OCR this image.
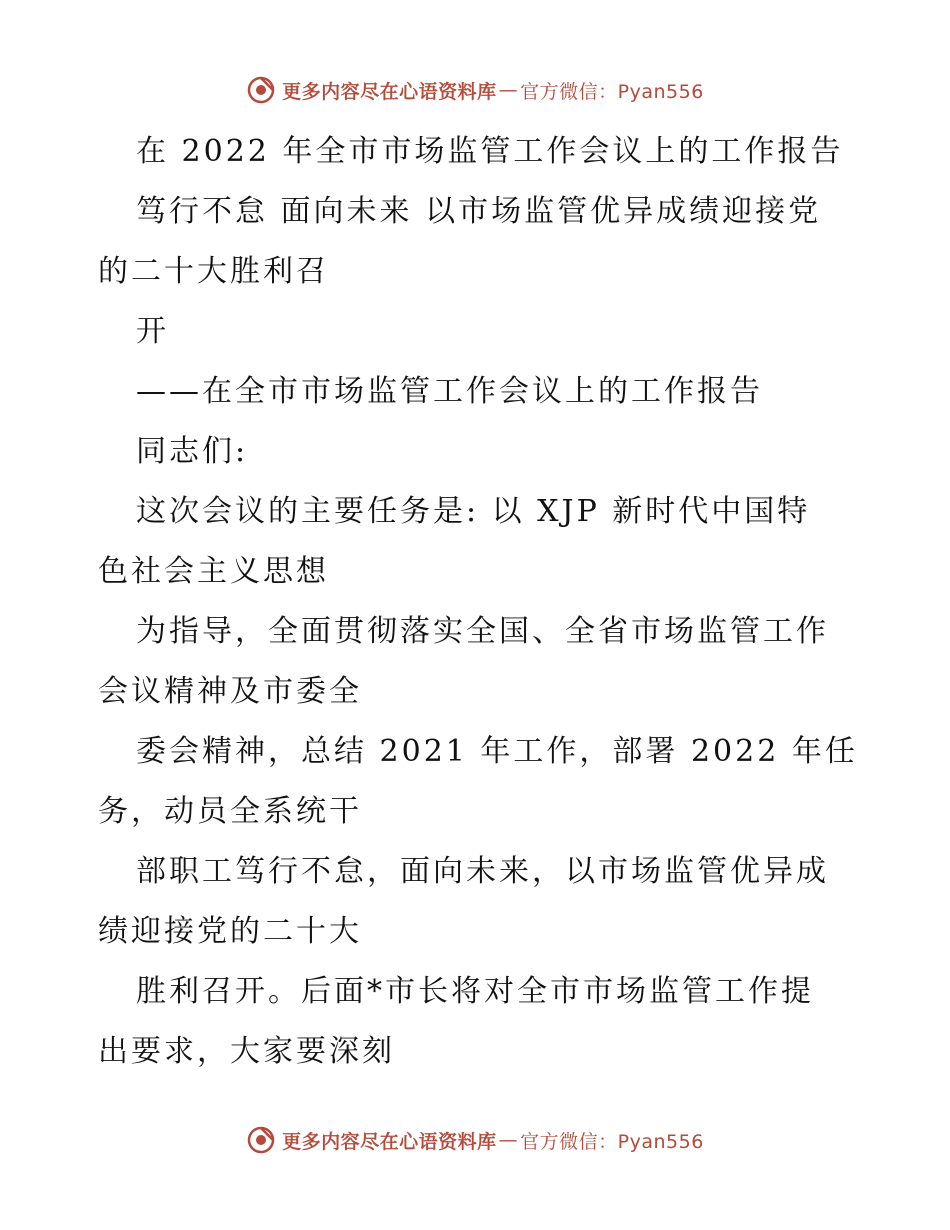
更多内容尽在心语资料库 — 官方微信：Pyan556
在 2022 年全市市场监管工作会议上的工作报告
笃行不怠 面向未来 以市场监管优异成绩迎接党
的二十大胜利召
开
——在全市市场监管工作会议上的工作报告
同志们:
这次会议的主要任务是: 以 XJP 新时代中国特
色社会主义思想
为指导，全面贯彻落实全国、全省市场监管工作
会议精神及市委全
委会精神，总结 2021 年工作，部署 2022 年任
务，动员全系统干
部职工笃行不怠，面向未来，以市场监管优异成
绩迎接党的二十大
胜利召开。后面*市长将对全市市场监管工作提
出要求，大家要深刻
更多内容尽在心语资料库 — 官方微信：Pyan556
